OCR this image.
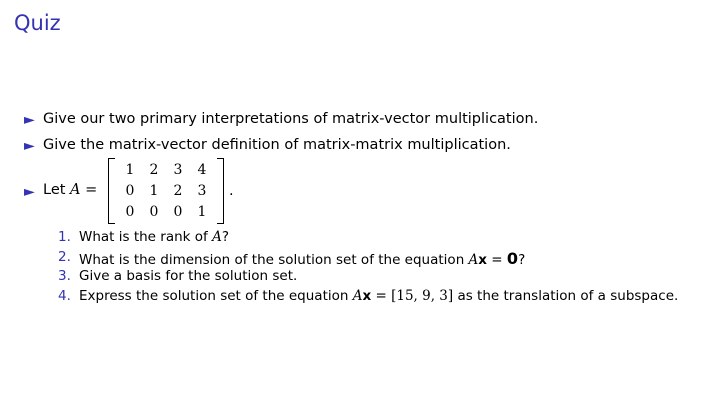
Quiz
► Give our two primary interpretations of matrix-vector multiplication.
► Give the matrix-vector definition of matrix-matrix multiplication.
► Let A =
1	2	3	4
0	1	2	3
0	0	0	1
.
1. What is the rank of A?
2. What is the dimension of the solution set of the equation Ax = 0?
3. Give a basis for the solution set.
4. Express the solution set of the equation Ax = [15, 9, 3] as the translation of a subspace.
